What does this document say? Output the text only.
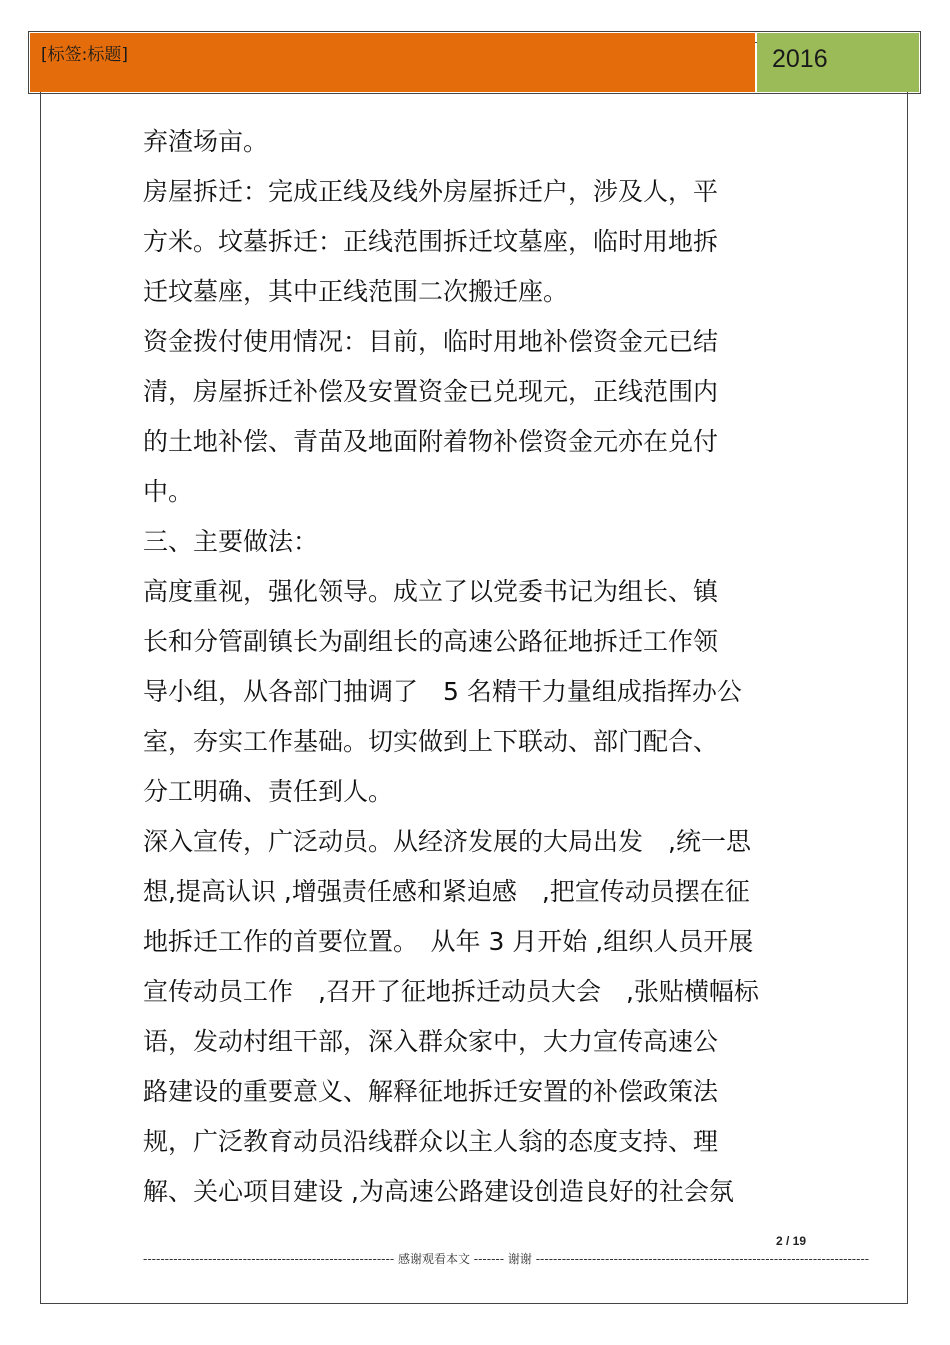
[标签:标题]	2016
弃渣场亩。
房屋拆迁：完成正线及线外房屋拆迁户，涉及人，平
方米。坟墓拆迁：正线范围拆迁坟墓座，临时用地拆
迁坟墓座，其中正线范围二次搬迁座。
资金拨付使用情况：目前，临时用地补偿资金元已结
清，房屋拆迁补偿及安置资金已兑现元，正线范围内
的土地补偿、青苗及地面附着物补偿资金元亦在兑付
中。
三、主要做法：
高度重视，强化领导。成立了以党委书记为组长、镇
长和分管副镇长为副组长的高速公路征地拆迁工作领
导小组，从各部门抽调了　5 名精干力量组成指挥办公
室，夯实工作基础。切实做到上下联动、部门配合、
分工明确、责任到人。
深入宣传，广泛动员。从经济发展的大局出发　,统一思
想,提高认识 ,增强责任感和紧迫感　,把宣传动员摆在征
地拆迁工作的首要位置。　从年 3 月开始 ,组织人员开展
宣传动员工作　,召开了征地拆迁动员大会　,张贴横幅标
语，发动村组干部，深入群众家中，大力宣传高速公
路建设的重要意义、解释征地拆迁安置的补偿政策法
规，广泛教育动员沿线群众以主人翁的态度支持、理
解、关心项目建设 ,为高速公路建设创造良好的社会氛
2 / 19
---------------------------------------------------------- 感谢观看本文 ------- 谢谢 -----------------------------------------------------------------------------
